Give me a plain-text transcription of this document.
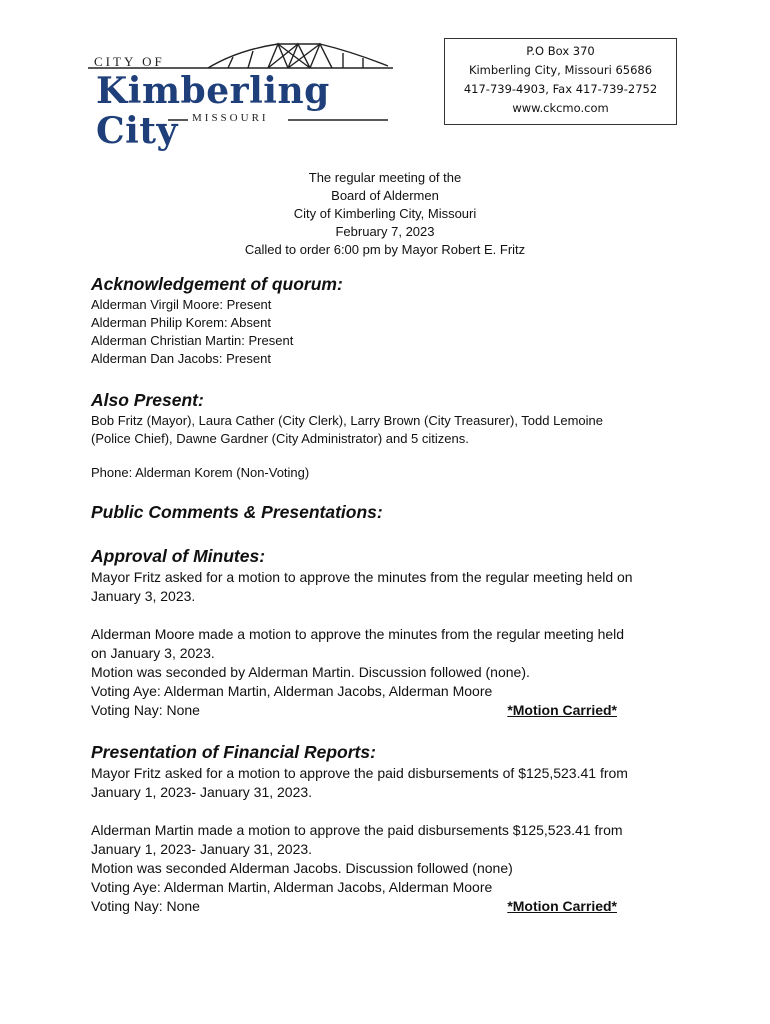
CITY OF
Kimberling City	MISSOURI
P.O Box 370
Kimberling City, Missouri 65686
417-739-4903, Fax 417-739-2752
www.ckcmo.com
The regular meeting of the
Board of Aldermen
City of Kimberling City, Missouri
February 7, 2023
Called to order 6:00 pm by Mayor Robert E. Fritz
Acknowledgement of quorum:

Alderman Virgil Moore: Present

Alderman Philip Korem: Absent

Alderman Christian Martin: Present

Alderman Dan Jacobs: Present

Also Present:

Bob Fritz (Mayor), Laura Cather (City Clerk), Larry Brown (City Treasurer), Todd Lemoine

(Police Chief), Dawne Gardner (City Administrator) and 5 citizens.

Phone: Alderman Korem (Non-Voting)

Public Comments & Presentations:
Approval of Minutes:

Mayor Fritz asked for a motion to approve the minutes from the regular meeting held on

January 3, 2023.

Alderman Moore made a motion to approve the minutes from the regular meeting held

on January 3, 2023.

Motion was seconded by Alderman Martin. Discussion followed (none).

Voting Aye: Alderman Martin, Alderman Jacobs, Alderman Moore

Voting Nay: None	*Motion Carried*
Presentation of Financial Reports:

Mayor Fritz asked for a motion to approve the paid disbursements of $125,523.41 from

January 1, 2023- January 31, 2023.

Alderman Martin made a motion to approve the paid disbursements $125,523.41 from

January 1, 2023- January 31, 2023.

Motion was seconded Alderman Jacobs. Discussion followed (none)

Voting Aye: Alderman Martin, Alderman Jacobs, Alderman Moore

Voting Nay: None	*Motion Carried*
